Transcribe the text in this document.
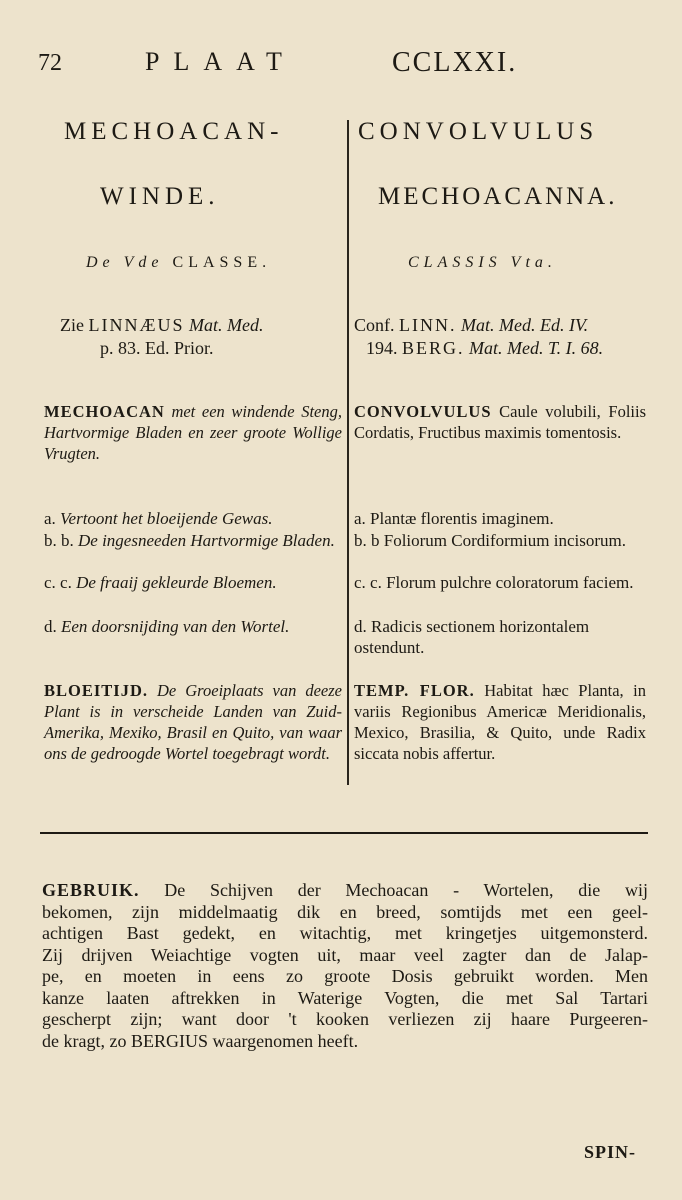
72	PLAAT	CCLXXI.
MECHOACAN-
WINDE.
De Vde CLASSE.
Zie LINNÆUS Mat. Med.
p. 83. Ed. Prior.
MECHOACAN met een windende Steng, Hartvormige Bladen en zeer groote Wollige Vrugten.
a. Vertoont het bloeijende Gewas.
b. b. De ingesneeden Hartvormige Bladen.
c. c. De fraaij gekleurde Bloemen.
d. Een doorsnijding van den Wortel.
BLOEITIJD. De Groeiplaats van deeze Plant is in verscheide Landen van Zuid-Amerika, Mexiko, Brasil en Quito, van waar ons de gedroogde Wortel toegebragt wordt.
CONVOLVULUS
MECHOACANNA.
CLASSIS Vta.
Conf. LINN. Mat. Med. Ed. IV.
194. BERG. Mat. Med. T. I. 68.
CONVOLVULUS Caule volubili, Foliis Cordatis, Fructibus maximis tomentosis.
a. Plantæ florentis imaginem.
b. b Foliorum Cordiformium incisorum.
c. c. Florum pulchre coloratorum faciem.
d. Radicis sectionem horizontalem ostendunt.
TEMP. FLOR. Habitat hæc Planta, in variis Regionibus Americæ Meridionalis, Mexico, Brasilia, & Quito, unde Radix siccata nobis affertur.
GEBRUIK. De Schijven der Mechoacan - Wortelen, die wij
bekomen, zijn middelmaatig dik en breed, somtijds met een geel-
achtigen Bast gedekt, en witachtig, met kringetjes uitgemonsterd.
Zij drijven Weiachtige vogten uit, maar veel zagter dan de Jalap-
pe, en moeten in eens zo groote Dosis gebruikt worden. Men
kanze laaten aftrekken in Waterige Vogten, die met Sal Tartari
gescherpt zijn; want door 't kooken verliezen zij haare Purgeeren-
de kragt, zo BERGIUS waargenomen heeft.
SPIN-
